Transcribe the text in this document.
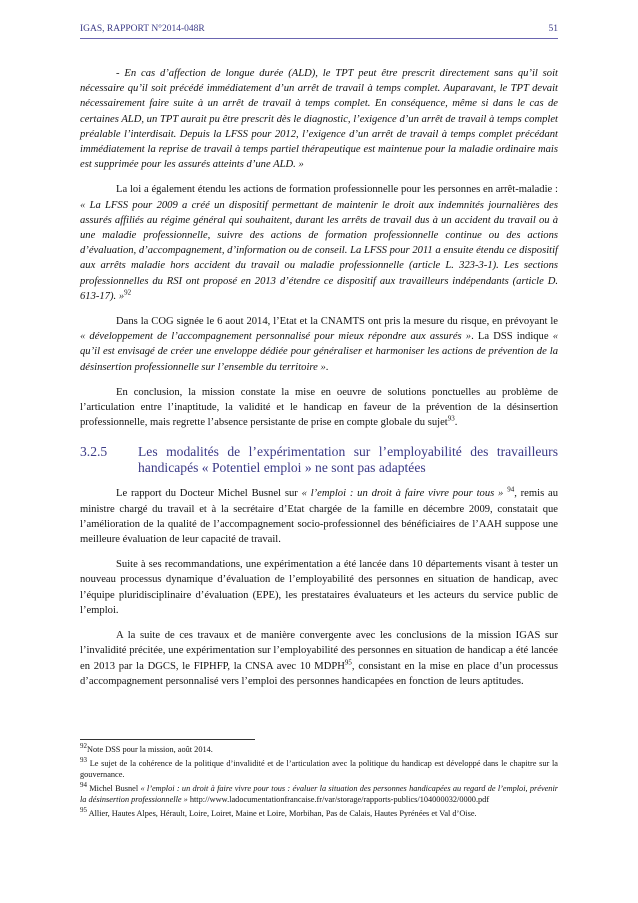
IGAS, RAPPORT N°2014-048R	51

- En cas d’affection de longue durée (ALD), le TPT peut être prescrit directement sans qu’il soit nécessaire qu’il soit précédé immédiatement d’un arrêt de travail à temps complet. Auparavant, le TPT devait nécessairement faire suite à un arrêt de travail à temps complet. En conséquence, même si dans le cas de certaines ALD, un TPT aurait pu être prescrit dès le diagnostic, l’exigence d’un arrêt de travail à temps complet préalable l’interdisait. Depuis la LFSS pour 2012, l’exigence d’un arrêt de travail à temps complet précédant immédiatement la reprise de travail à temps partiel thérapeutique est maintenue pour la maladie ordinaire mais est supprimée pour les assurés atteints d’une ALD. »

La loi a également étendu les actions de formation professionnelle pour les personnes en arrêt-maladie : « La LFSS pour 2009 a créé un dispositif permettant de maintenir le droit aux indemnités journalières des assurés affiliés au régime général qui souhaitent, durant les arrêts de travail dus à un accident du travail ou à une maladie professionnelle, suivre des actions de formation professionnelle continue ou des actions d’évaluation, d’accompagnement, d’information ou de conseil. La LFSS pour 2011 a ensuite étendu ce dispositif aux arrêts maladie hors accident du travail ou maladie professionnelle (article L. 323-3-1). Les sections professionnelles du RSI ont proposé en 2013 d’étendre ce dispositif aux travailleurs indépendants (article D. 613-17). »$^{92}$

Dans la COG signée le 6 aout 2014, l’Etat et la CNAMTS ont pris la mesure du risque, en prévoyant le « développement de l’accompagnement personnalisé pour mieux répondre aux assurés ». La DSS indique « qu’il est envisagé de créer une enveloppe dédiée pour généraliser et harmoniser les actions de prévention de la désinsertion professionnelle sur l’ensemble du territoire ».

En conclusion, la mission constate la mise en oeuvre de solutions ponctuelles au problème de l’articulation entre l’inaptitude, la validité et le handicap en faveur de la prévention de la désinsertion professionnelle, mais regrette l’absence persistante de prise en compte globale du sujet$^{93}$.

3.2.5	Les modalités de l’expérimentation sur l’employabilité des travailleurs handicapés « Potentiel emploi » ne sont pas adaptées

Le rapport du Docteur Michel Busnel sur « l’emploi : un droit à faire vivre pour tous » $^{94}$, remis au ministre chargé du travail et à la secrétaire d’Etat chargée de la famille en décembre 2009, constatait que l’amélioration de la qualité de l’accompagnement socio-professionnel des bénéficiaires de l’AAH suppose une meilleure évaluation de leur capacité de travail.

Suite à ses recommandations, une expérimentation a été lancée dans 10 départements visant à tester un nouveau processus dynamique d’évaluation de l’employabilité des personnes en situation de handicap, avec l’équipe pluridisciplinaire d’évaluation (EPE), les prestataires évaluateurs et les acteurs du service public de l’emploi.

A la suite de ces travaux et de manière convergente avec les conclusions de la mission IGAS sur l’invalidité précitée, une expérimentation sur l’employabilité des personnes en situation de handicap a été lancée en 2013 par la DGCS, le FIPHFP, la CNSA avec 10 MDPH$^{95}$, consistant en la mise en place d’un processus d’accompagnement personnalisé vers l’emploi des personnes handicapées en fonction de leurs aptitudes.

$^{92}$Note DSS pour la mission, août 2014.
$^{93}$ Le sujet de la cohérence de la politique d’invalidité et de l’articulation avec la politique du handicap est développé dans le chapitre sur la gouvernance.
$^{94}$ Michel Busnel « l’emploi : un droit à faire vivre pour tous : évaluer la situation des personnes handicapées au regard de l’emploi, prévenir la désinsertion professionnelle » http://www.ladocumentationfrancaise.fr/var/storage/rapports-publics/104000032/0000.pdf
$^{95}$ Allier, Hautes Alpes, Hérault, Loire, Loiret, Maine et Loire, Morbihan, Pas de Calais, Hautes Pyrénées et Val d’Oise.
